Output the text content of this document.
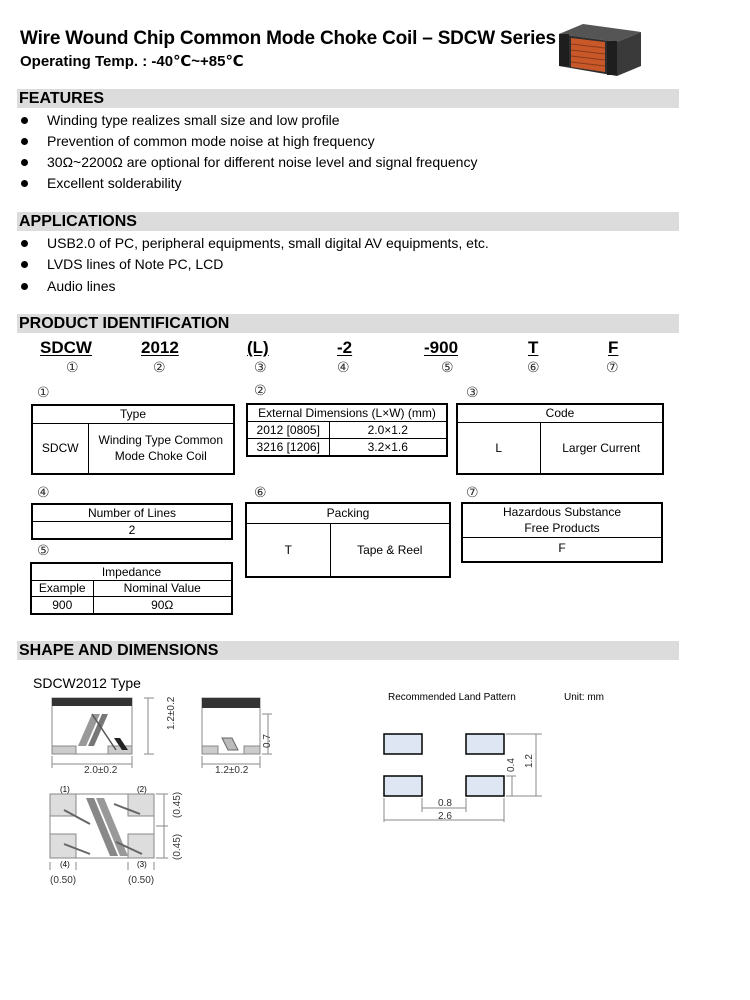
Wire Wound Chip Common Mode Choke Coil – SDCW Series
Operating Temp. : -40℃~+85℃
FEATURES
Winding type realizes small size and low profile
Prevention of common mode noise at high frequency
30Ω~2200Ω are optional for different noise level and signal frequency
Excellent solderability
APPLICATIONS
USB2.0 of PC, peripheral equipments, small digital AV equipments, etc.
LVDS lines of Note PC, LCD
Audio lines
PRODUCT IDENTIFICATION
SDCW
①
2012
②
(L)
③
-2
④
-900
⑤
T
⑥
F
⑦
①
Type
SDCW	
Winding Type Common
Mode Choke Coil
②
External Dimensions (L×W) (mm)	
2012 [0805]	2.0×1.2
3216 [1206]	3.2×1.6
③
Code
L	Larger Current
④
Number of Lines
2
⑤
Impedance	
Example	Nominal Value
900	90Ω
⑥
Packing
T	Tape & Reel
⑦
Hazardous Substance
Free Products

F
SHAPE AND DIMENSIONS
SDCW2012 Type
2.0±0.2
1.2±0.2
1.2±0.2
0.7
(1)	(2)
(4)	(3)
(0.45)
(0.45)
(0.50)	(0.50)
Recommended Land Pattern	Unit: mm
0.8
2.6
0.4 1.2
